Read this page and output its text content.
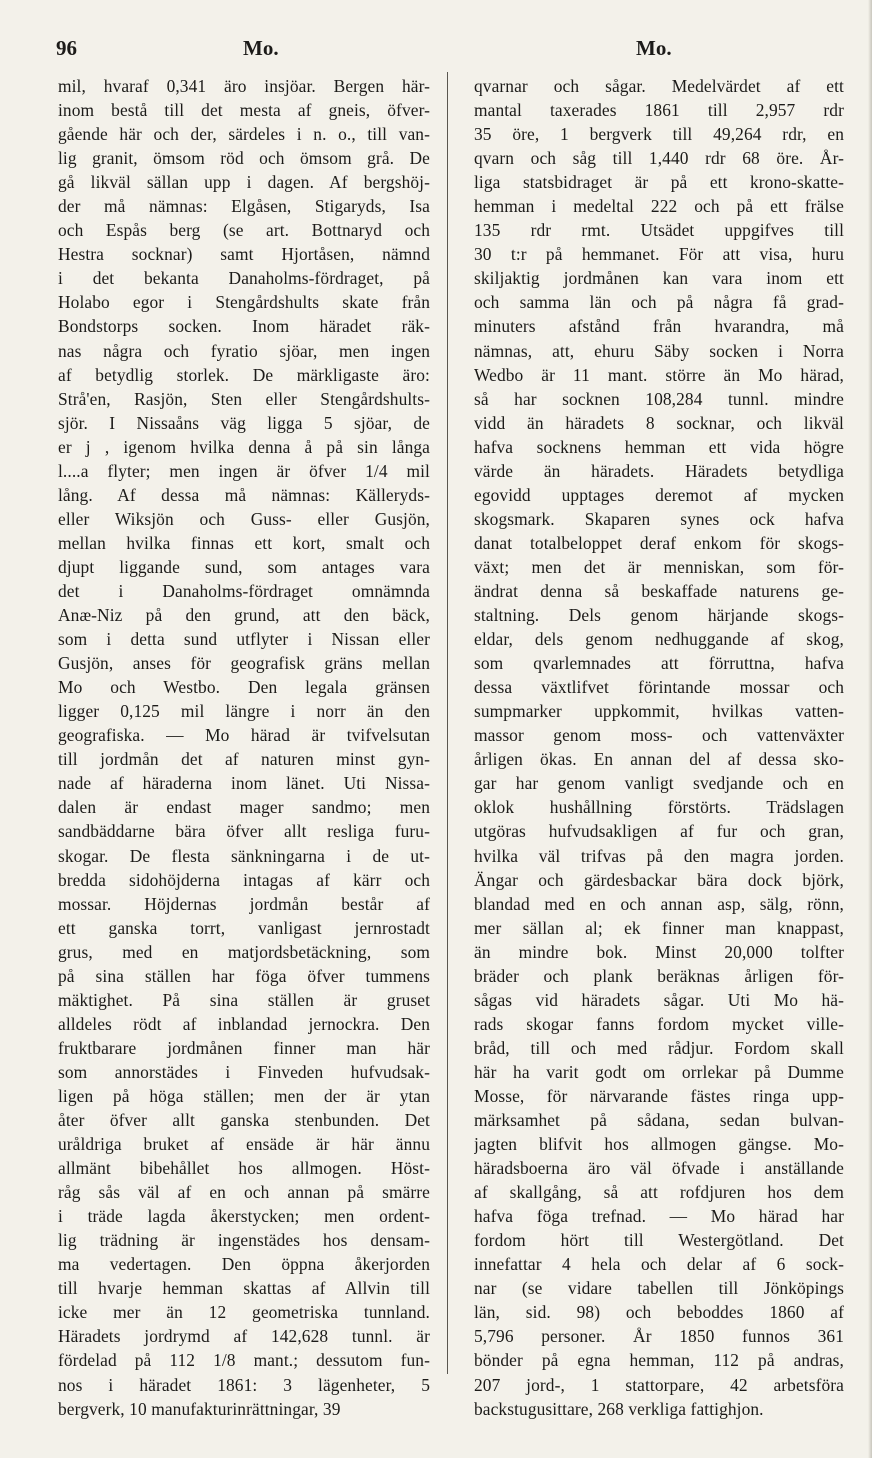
96	Mo.	Mo.
mil, hvaraf 0,341 äro insjöar. Bergen här-
inom bestå till det mesta af gneis, öfver-
gående här och der, särdeles i n. o., till van-
lig granit, ömsom röd och ömsom grå. De
gå likväl sällan upp i dagen. Af bergshöj-
der må nämnas: Elgåsen, Stigaryds, Isa
och Espås berg (se art. Bottnaryd och
Hestra socknar) samt Hjortåsen, nämnd
i det bekanta Danaholms-fördraget, på
Holabo egor i Stengårdshults skate från
Bondstorps socken. Inom häradet räk-
nas några och fyratio sjöar, men ingen
af betydlig storlek. De märkligaste äro:
Strå'en, Rasjön, Sten eller Stengårdshults-
sjör. I Nissaåns väg ligga 5 sjöar, de
er j , igenom hvilka denna å på sin långa
l....a flyter; men ingen är öfver 1/4 mil
lång. Af dessa må nämnas: Källeryds-
eller Wiksjön och Guss- eller Gusjön,
mellan hvilka finnas ett kort, smalt och
djupt liggande sund, som antages vara
det i Danaholms-fördraget omnämnda
Anæ-Niz på den grund, att den bäck,
som i detta sund utflyter i Nissan eller
Gusjön, anses för geografisk gräns mellan
Mo och Westbo. Den legala gränsen
ligger 0,125 mil längre i norr än den
geografiska. — Mo härad är tvifvelsutan
till jordmån det af naturen minst gyn-
nade af häraderna inom länet. Uti Nissa-
dalen är endast mager sandmo; men
sandbäddarne bära öfver allt resliga furu-
skogar. De flesta sänkningarna i de ut-
bredda sidohöjderna intagas af kärr och
mossar. Höjdernas jordmån består af
ett ganska torrt, vanligast jernrostadt
grus, med en matjordsbetäckning, som
på sina ställen har föga öfver tummens
mäktighet. På sina ställen är gruset
alldeles rödt af inblandad jernockra. Den
fruktbarare jordmånen finner man här
som annorstädes i Finveden hufvudsak-
ligen på höga ställen; men der är ytan
åter öfver allt ganska stenbunden. Det
uråldriga bruket af ensäde är här ännu
allmänt bibehållet hos allmogen. Höst-
råg sås väl af en och annan på smärre
i träde lagda åkerstycken; men ordent-
lig trädning är ingenstädes hos densam-
ma vedertagen. Den öppna åkerjorden
till hvarje hemman skattas af Allvin till
icke mer än 12 geometriska tunnland.
Häradets jordrymd af 142,628 tunnl. är
fördelad på 112 1/8 mant.; dessutom fun-
nos i häradet 1861: 3 lägenheter, 5
bergverk, 10 manufakturinrättningar, 39
qvarnar och sågar. Medelvärdet af ett
mantal taxerades 1861 till 2,957 rdr
35 öre, 1 bergverk till 49,264 rdr, en
qvarn och såg till 1,440 rdr 68 öre. År-
liga statsbidraget är på ett krono-skatte-
hemman i medeltal 222 och på ett frälse
135 rdr rmt. Utsädet uppgifves till
30 t:r på hemmanet. För att visa, huru
skiljaktig jordmånen kan vara inom ett
och samma län och på några få grad-
minuters afstånd från hvarandra, må
nämnas, att, ehuru Säby socken i Norra
Wedbo är 11 mant. större än Mo härad,
så har socknen 108,284 tunnl. mindre
vidd än häradets 8 socknar, och likväl
hafva socknens hemman ett vida högre
värde än häradets. Häradets betydliga
egovidd upptages deremot af mycken
skogsmark. Skaparen synes ock hafva
danat totalbeloppet deraf enkom för skogs-
växt; men det är menniskan, som för-
ändrat denna så beskaffade naturens ge-
staltning. Dels genom härjande skogs-
eldar, dels genom nedhuggande af skog,
som qvarlemnades att förruttna, hafva
dessa växtlifvet förintande mossar och
sumpmarker uppkommit, hvilkas vatten-
massor genom moss- och vattenväxter
årligen ökas. En annan del af dessa sko-
gar har genom vanligt svedjande och en
oklok hushållning förstörts. Trädslagen
utgöras hufvudsakligen af fur och gran,
hvilka väl trifvas på den magra jorden.
Ängar och gärdesbackar bära dock björk,
blandad med en och annan asp, sälg, rönn,
mer sällan al; ek finner man knappast,
än mindre bok. Minst 20,000 tolfter
bräder och plank beräknas årligen för-
sågas vid häradets sågar. Uti Mo hä-
rads skogar fanns fordom mycket ville-
bråd, till och med rådjur. Fordom skall
här ha varit godt om orrlekar på Dumme
Mosse, för närvarande fästes ringa upp-
märksamhet på sådana, sedan bulvan-
jagten blifvit hos allmogen gängse. Mo-
häradsboerna äro väl öfvade i anställande
af skallgång, så att rofdjuren hos dem
hafva föga trefnad. — Mo härad har
fordom hört till Westergötland. Det
innefattar 4 hela och delar af 6 sock-
nar (se vidare tabellen till Jönköpings
län, sid. 98) och beboddes 1860 af
5,796 personer. År 1850 funnos 361
bönder på egna hemman, 112 på andras,
207 jord-, 1 stattorpare, 42 arbetsföra
backstugusittare, 268 verkliga fattighjon.
